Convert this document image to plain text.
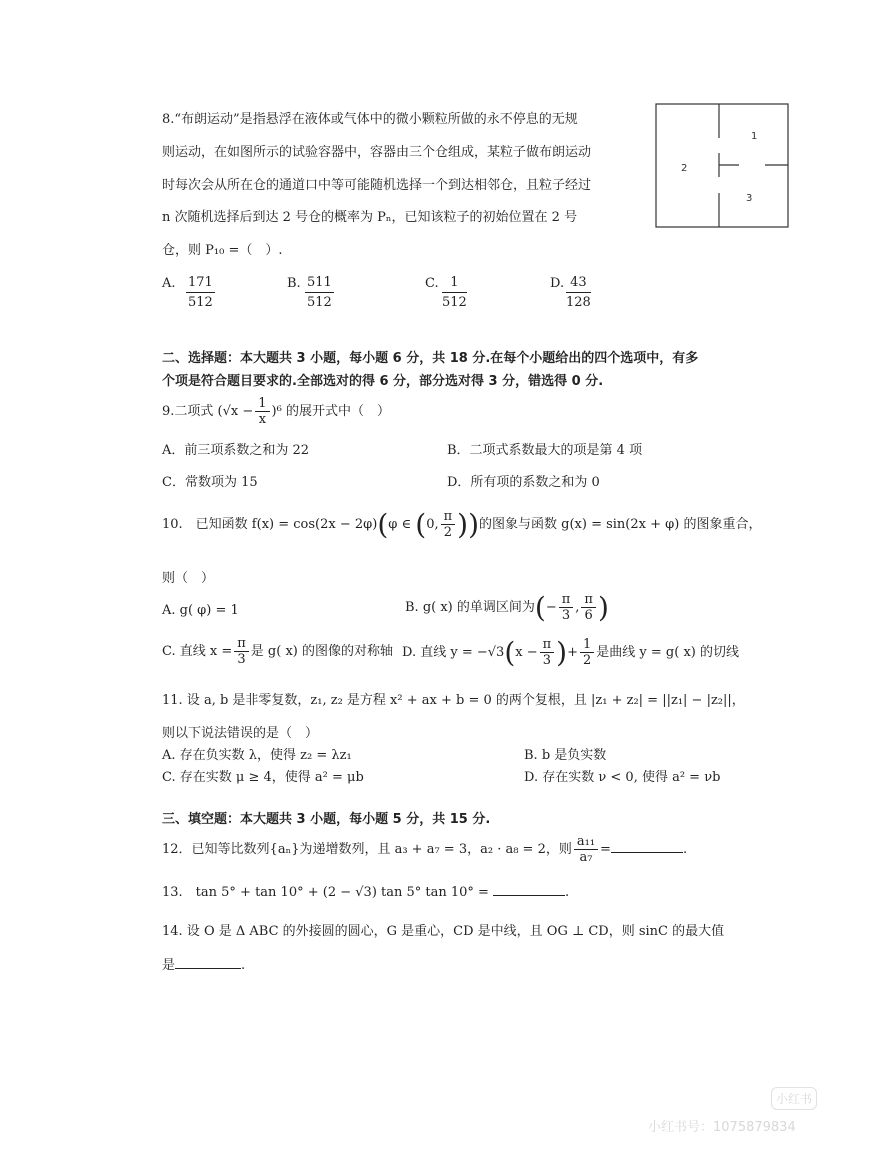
8.“布朗运动”是指悬浮在液体或气体中的微小颗粒所做的永不停息的无规
则运动，在如图所示的试验容器中，容器由三个仓组成，某粒子做布朗运动
时每次会从所在仓的通道口中等可能随机选择一个到达相邻仓，且粒子经过
n 次随机选择后到达 2 号仓的概率为 Pₙ，已知该粒子的初始位置在 2 号
仓，则 P₁₀ =（　）.
1
2
3
A. $\frac{171}{512}$	B. $\frac{511}{512}$	C. $\frac{1}{512}$	D. $\frac{43}{128}$
二、选择题：本大题共 3 小题，每小题 6 分，共 18 分.在每个小题给出的四个选项中，有多
个项是符合题目要求的.全部选对的得 6 分，部分选对得 3 分，错选得 0 分.
9.二项式 $(√x - \frac{1}{x} )^6$ 的展开式中（　）
A．前三项系数之和为 22	B．二项式系数最大的项是第 4 项
C．常数项为 15	D．所有项的系数之和为 0
10.　已知函数 f(x) = cos(2x − 2φ)(φ ∈ (0, $\frac{\pi}{2}$ ))的图象与函数 g(x) = sin(2x + φ) 的图象重合，
则（　）
A. g( φ) = 1	B. g( x) 的单调区间为(− $\frac{\pi}{3}$ , $\frac{\pi}{6}$ )
C. 直线 $x = \frac{\pi}{3}$ 是 g( x) 的图像的对称轴 D. 直线 $y = -√3(x - \frac{\pi}{3}$ )+ $\frac{1}{2}$ 是曲线 y = g( x) 的切线
11. 设 a, b 是非零复数，z₁, z₂ 是方程 x² + ax + b = 0 的两个复根，且 |z₁ + z₂| = ||z₁| − |z₂||，
则以下说法错误的是（　）
A. 存在负实数 λ，使得 z₂ = λz₁	B. b 是负实数
C. 存在实数 μ ≥ 4，使得 a² = μb	D. 存在实数 ν < 0, 使得 a² = νb
三、填空题：本大题共 3 小题，每小题 5 分，共 15 分.
12．已知等比数列{aₙ}为递增数列，且 a₃ + a₇ = 3，a₂ · a₈ = 2，则 $\frac{\text{a₁₁}}{\text{a₇}}$ =	.
13.　tan 5° + tan 10° + (2 − √3) tan 5° tan 10° =	.
14. 设 O 是 Δ ABC 的外接圆的圆心，G 是重心，CD 是中线，且 OG ⊥ CD，则 sinC 的最大值
是	.
小红书
小红书号：1075879834
